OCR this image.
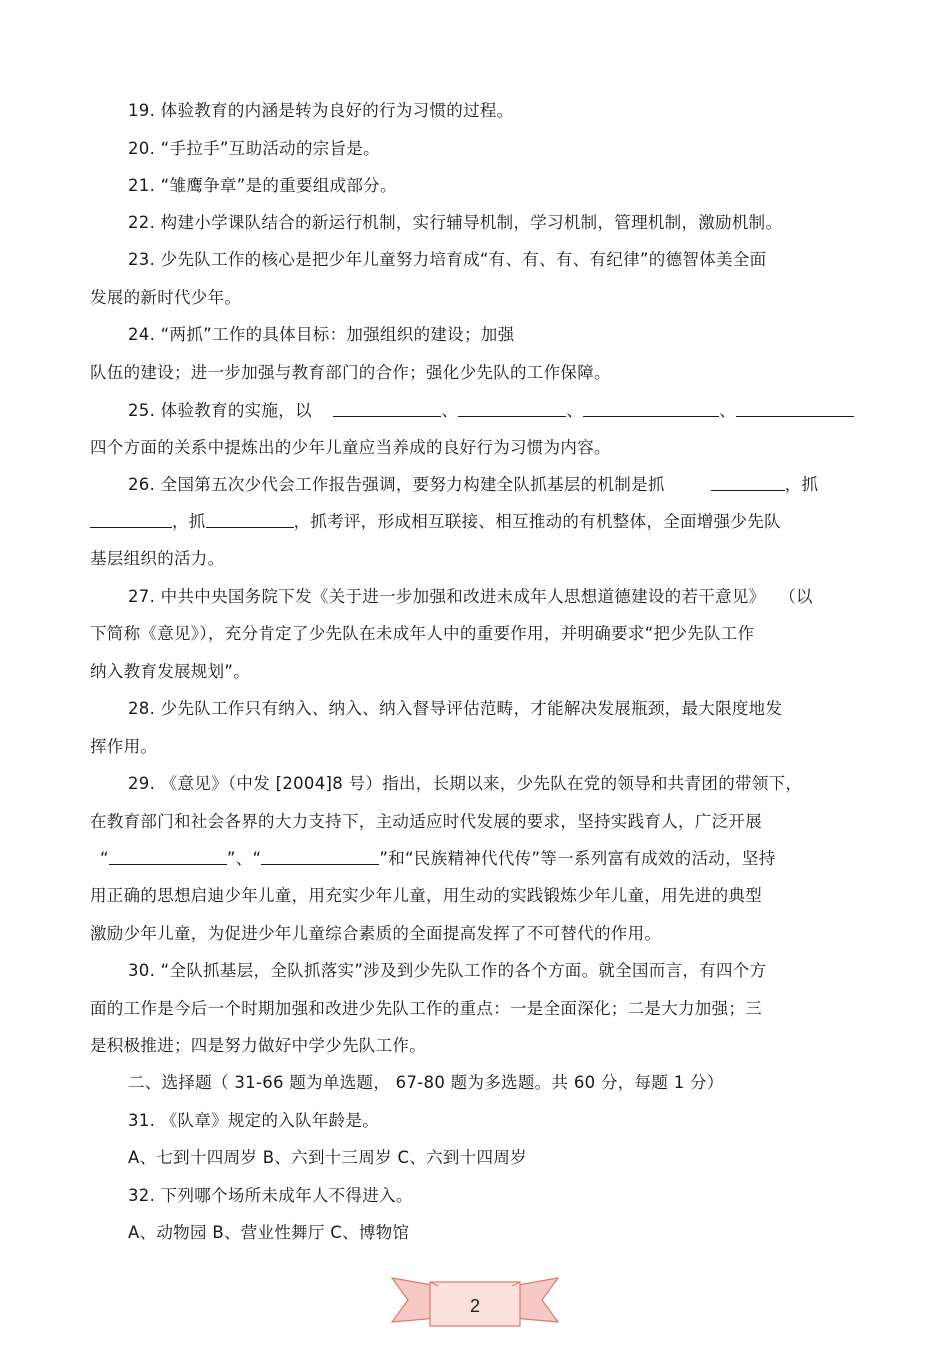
19. 体验教育的内涵是转为良好的行为习惯的过程。
20. “手拉手”互助活动的宗旨是。
21. “雏鹰争章”是的重要组成部分。
22. 构建小学课队结合的新运行机制，实行辅导机制，学习机制，管理机制，激励机制。
23. 少先队工作的核心是把少年儿童努力培育成“有、有、有、有纪律”的德智体美全面
发展的新时代少年。
24. “两抓”工作的具体目标：加强组织的建设；加强
队伍的建设；进一步加强与教育部门的合作；强化少先队的工作保障。
25. 体验教育的实施，以	、	、	、
四个方面的关系中提炼出的少年儿童应当养成的良好行为习惯为内容。
26. 全国第五次少代会工作报告强调，要努力构建全队抓基层的机制是抓	，抓
，抓	，抓考评，形成相互联接、相互推动的有机整体，全面增强少先队
基层组织的活力。
27. 中共中央国务院下发《关于进一步加强和改进未成年人思想道德建设的若干意见》 （以
下简称《意见》），充分肯定了少先队在未成年人中的重要作用，并明确要求“把少先队工作
纳入教育发展规划”。
28. 少先队工作只有纳入、纳入、纳入督导评估范畴，才能解决发展瓶颈，最大限度地发
挥作用。
29. 《意见》（中发 [2004]8 号）指出，长期以来，少先队在党的领导和共青团的带领下，
在教育部门和社会各界的大力支持下，主动适应时代发展的要求，坚持实践育人，广泛开展
“	”、“	”和“民族精神代代传”等一系列富有成效的活动，坚持
用正确的思想启迪少年儿童，用充实少年儿童，用生动的实践锻炼少年儿童，用先进的典型
激励少年儿童，为促进少年儿童综合素质的全面提高发挥了不可替代的作用。
30. “全队抓基层，全队抓落实”涉及到少先队工作的各个方面。就全国而言，有四个方
面的工作是今后一个时期加强和改进少先队工作的重点：一是全面深化；二是大力加强；三
是积极推进；四是努力做好中学少先队工作。
二、选择题（ 31-66 题为单选题， 67-80 题为多选题。共 60 分，每题 1 分）
31. 《队章》规定的入队年龄是。
A、七到十四周岁 B、六到十三周岁 C、六到十四周岁
32. 下列哪个场所未成年人不得进入。
A、动物园 B、营业性舞厅 C、博物馆
2
